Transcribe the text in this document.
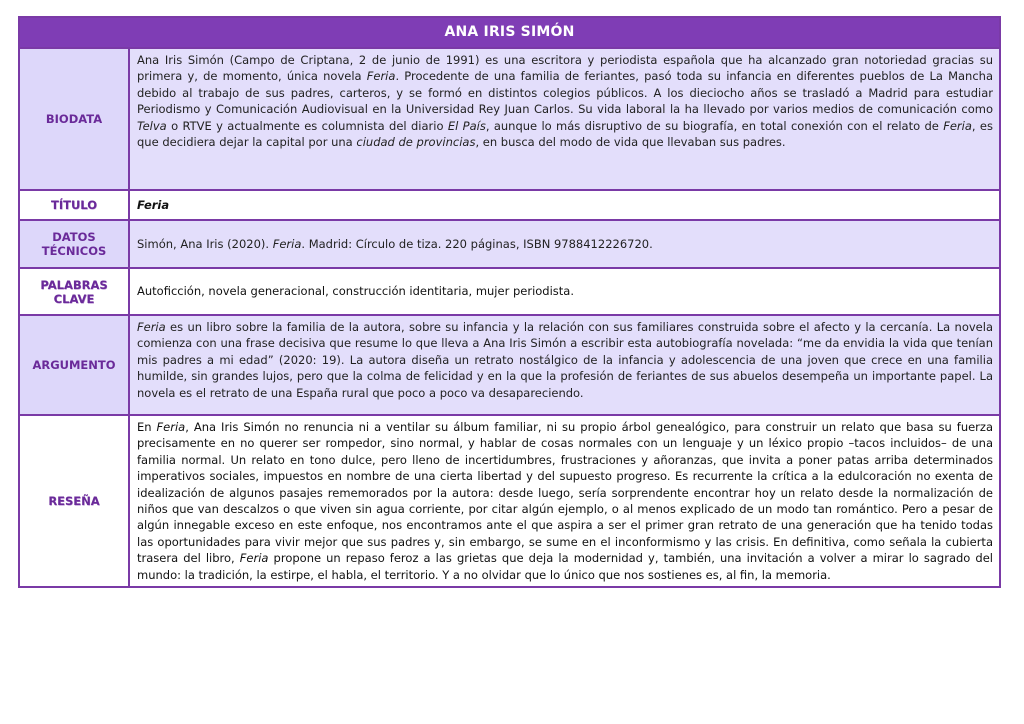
ANA IRIS SIMÓN
BIODATA
Ana Iris Simón (Campo de Criptana, 2 de junio de 1991) es una escritora y periodista española que ha alcanzado gran notoriedad gracias su primera y, de momento, única novela Feria. Procedente de una familia de feriantes, pasó toda su infancia en diferentes pueblos de La Mancha debido al trabajo de sus padres, carteros, y se formó en distintos colegios públicos. A los dieciocho años se trasladó a Madrid para estudiar Periodismo y Comunicación Audiovisual en la Universidad Rey Juan Carlos. Su vida laboral la ha llevado por varios medios de comunicación como Telva o RTVE y actualmente es columnista del diario El País, aunque lo más disruptivo de su biografía, en total conexión con el relato de Feria, es que decidiera dejar la capital por una ciudad de provincias, en busca del modo de vida que llevaban sus padres.
TÍTULO	Feria
DATOS
TÉCNICOS
Simón, Ana Iris (2020). Feria. Madrid: Círculo de tiza. 220 páginas, ISBN 9788412226720.
PALABRAS
CLAVE
Autoficción, novela generacional, construcción identitaria, mujer periodista.
ARGUMENTO
Feria es un libro sobre la familia de la autora, sobre su infancia y la relación con sus familiares construida sobre el afecto y la cercanía. La novela comienza con una frase decisiva que resume lo que lleva a Ana Iris Simón a escribir esta autobiografía novelada: “me da envidia la vida que tenían mis padres a mi edad” (2020: 19). La autora diseña un retrato nostálgico de la infancia y adolescencia de una joven que crece en una familia humilde, sin grandes lujos, pero que la colma de felicidad y en la que la profesión de feriantes de sus abuelos desempeña un importante papel. La novela es el retrato de una España rural que poco a poco va desapareciendo.
RESEÑA
En Feria, Ana Iris Simón no renuncia ni a ventilar su álbum familiar, ni su propio árbol genealógico, para construir un relato que basa su fuerza precisamente en no querer ser rompedor, sino normal, y hablar de cosas normales con un lenguaje y un léxico propio –tacos incluidos– de una familia normal. Un relato en tono dulce, pero lleno de incertidumbres, frustraciones y añoranzas, que invita a poner patas arriba determinados imperativos sociales, impuestos en nombre de una cierta libertad y del supuesto progreso. Es recurrente la crítica a la edulcoración no exenta de idealización de algunos pasajes rememorados por la autora: desde luego, sería sorprendente encontrar hoy un relato desde la normalización de niños que van descalzos o que viven sin agua corriente, por citar algún ejemplo, o al menos explicado de un modo tan romántico. Pero a pesar de algún innegable exceso en este enfoque, nos encontramos ante el que aspira a ser el primer gran retrato de una generación que ha tenido todas las oportunidades para vivir mejor que sus padres y, sin embargo, se sume en el inconformismo y las crisis. En definitiva, como señala la cubierta trasera del libro, Feria propone un repaso feroz a las grietas que deja la modernidad y, también, una invitación a volver a mirar lo sagrado del mundo: la tradición, la estirpe, el habla, el territorio. Y a no olvidar que lo único que nos sostienes es, al fin, la memoria.
